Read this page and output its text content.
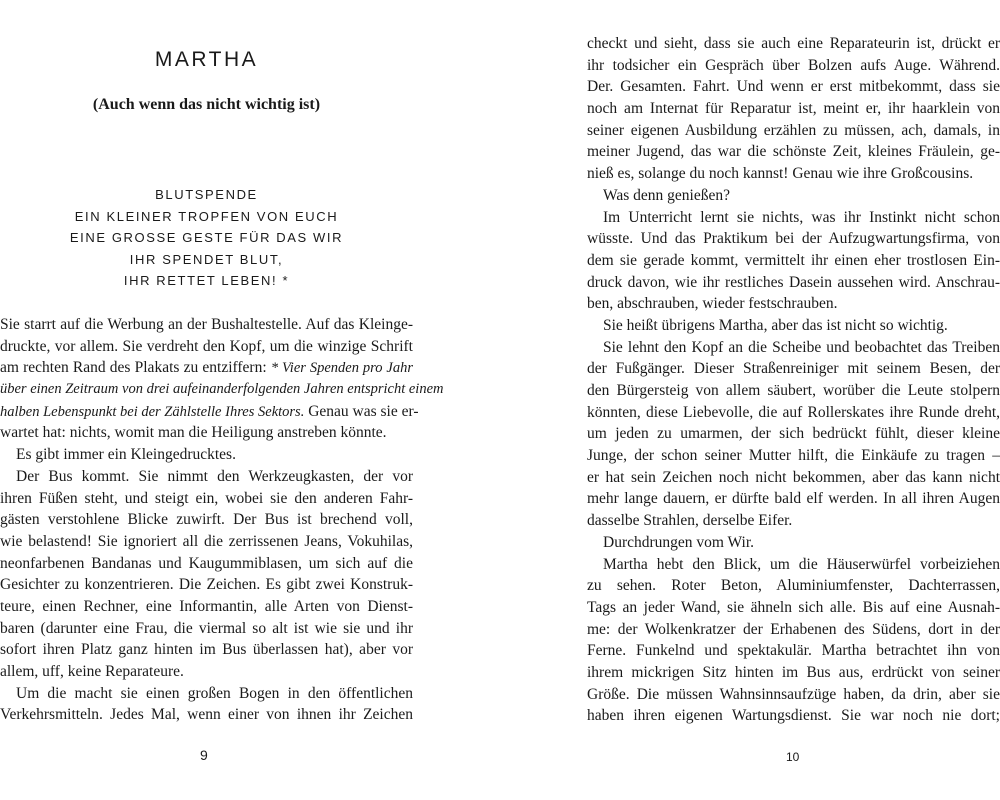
MARTHA

(Auch wenn das nicht wichtig ist)

BLUTSPENDE
EIN KLEINER TROPFEN VON EUCH
EINE GROSSE GESTE FÜR DAS WIR
IHR SPENDET BLUT,
IHR RETTET LEBEN! *
Sie starrt auf die Werbung an der Bushaltestelle. Auf das Kleinge-
druckte, vor allem. Sie verdreht den Kopf, um die winzige Schrift
am rechten Rand des Plakats zu entziffern: * Vier Spenden pro Jahr
über einen Zeitraum von drei aufeinanderfolgenden Jahren entspricht einem
halben Lebenspunkt bei der Zählstelle Ihres Sektors. Genau was sie er-
wartet hat: nichts, womit man die Heiligung anstreben könnte.
Es gibt immer ein Kleingedrucktes.
Der Bus kommt. Sie nimmt den Werkzeugkasten, der vor
ihren Füßen steht, und steigt ein, wobei sie den anderen Fahr-
gästen verstohlene Blicke zuwirft. Der Bus ist brechend voll,
wie belastend! Sie ignoriert all die zerrissenen Jeans, Vokuhilas,
neonfarbenen Bandanas und Kaugummiblasen, um sich auf die
Gesichter zu konzentrieren. Die Zeichen. Es gibt zwei Konstruk-
teure, einen Rechner, eine Informantin, alle Arten von Dienst-
baren (darunter eine Frau, die viermal so alt ist wie sie und ihr
sofort ihren Platz ganz hinten im Bus überlassen hat), aber vor
allem, uff, keine Reparateure.
Um die macht sie einen großen Bogen in den öffentlichen
Verkehrsmitteln. Jedes Mal, wenn einer von ihnen ihr Zeichen
9
checkt und sieht, dass sie auch eine Reparateurin ist, drückt er
ihr todsicher ein Gespräch über Bolzen aufs Auge. Während.
Der. Gesamten. Fahrt. Und wenn er erst mitbekommt, dass sie
noch am Internat für Reparatur ist, meint er, ihr haarklein von
seiner eigenen Ausbildung erzählen zu müssen, ach, damals, in
meiner Jugend, das war die schönste Zeit, kleines Fräulein, ge-
nieß es, solange du noch kannst! Genau wie ihre Großcousins.
Was denn genießen?
Im Unterricht lernt sie nichts, was ihr Instinkt nicht schon
wüsste. Und das Praktikum bei der Aufzugwartungsfirma, von
dem sie gerade kommt, vermittelt ihr einen eher trostlosen Ein-
druck davon, wie ihr restliches Dasein aussehen wird. Anschrau-
ben, abschrauben, wieder festschrauben.
Sie heißt übrigens Martha, aber das ist nicht so wichtig.
Sie lehnt den Kopf an die Scheibe und beobachtet das Treiben
der Fußgänger. Dieser Straßenreiniger mit seinem Besen, der
den Bürgersteig von allem säubert, worüber die Leute stolpern
könnten, diese Liebevolle, die auf Rollerskates ihre Runde dreht,
um jeden zu umarmen, der sich bedrückt fühlt, dieser kleine
Junge, der schon seiner Mutter hilft, die Einkäufe zu tragen –
er hat sein Zeichen noch nicht bekommen, aber das kann nicht
mehr lange dauern, er dürfte bald elf werden. In all ihren Augen
dasselbe Strahlen, derselbe Eifer.
Durchdrungen vom Wir.
Martha hebt den Blick, um die Häuserwürfel vorbeiziehen
zu sehen. Roter Beton, Aluminiumfenster, Dachterrassen,
Tags an jeder Wand, sie ähneln sich alle. Bis auf eine Ausnah-
me: der Wolkenkratzer der Erhabenen des Südens, dort in der
Ferne. Funkelnd und spektakulär. Martha betrachtet ihn von
ihrem mickrigen Sitz hinten im Bus aus, erdrückt von seiner
Größe. Die müssen Wahnsinnsaufzüge haben, da drin, aber sie
haben ihren eigenen Wartungsdienst. Sie war noch nie dort;
10
